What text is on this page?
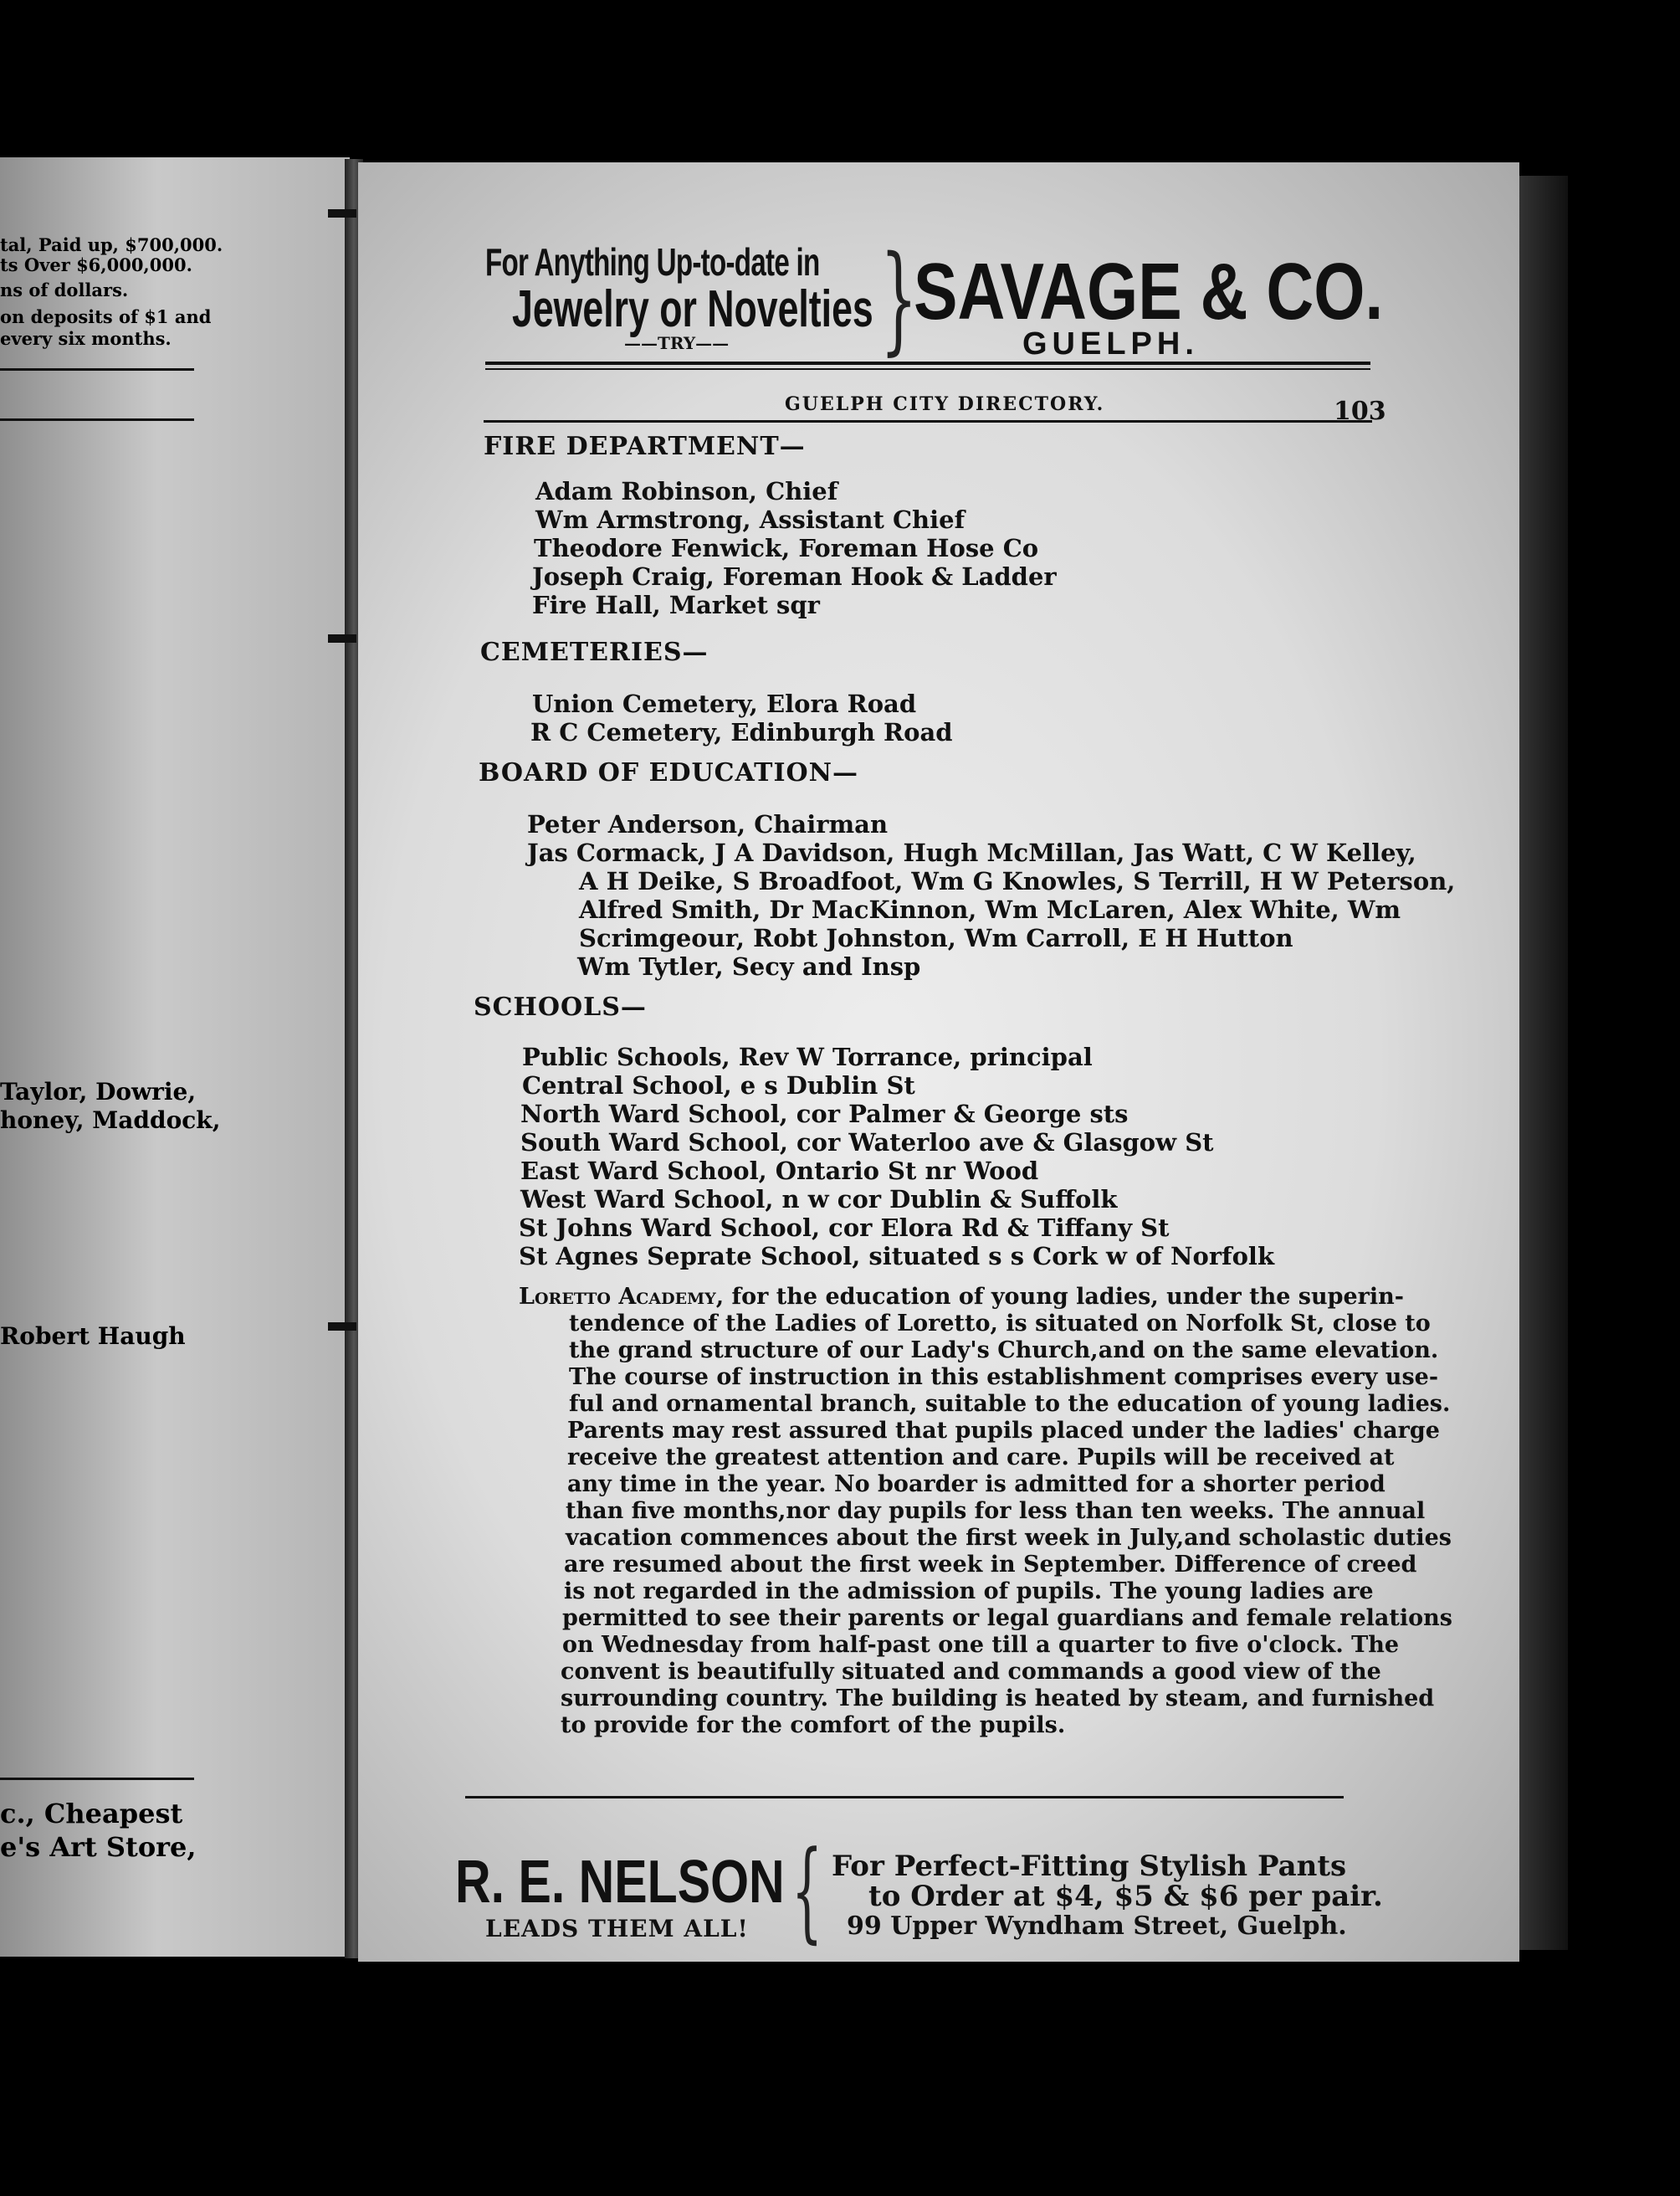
tal, Paid up, $700,000.
ts Over $6,000,000.
ns of dollars.
on deposits of $1 and
every six months.
Taylor, Dowrie,
honey, Maddock,
Robert Haugh
c., Cheapest
e's Art Store,
For Anything Up-to-date in
Jewelry or Novelties
——TRY—— }
SAVAGE & CO.
GUELPH.
GUELPH CITY DIRECTORY.	103
FIRE DEPARTMENT—
Adam Robinson, Chief
Wm Armstrong, Assistant Chief
Theodore Fenwick, Foreman Hose Co
Joseph Craig, Foreman Hook & Ladder
Fire Hall, Market sqr
CEMETERIES—
Union Cemetery, Elora Road
R C Cemetery, Edinburgh Road
BOARD OF EDUCATION—
Peter Anderson, Chairman
Jas Cormack, J A Davidson, Hugh McMillan, Jas Watt, C W Kelley,
A H Deike, S Broadfoot, Wm G Knowles, S Terrill, H W Peterson,
Alfred Smith, Dr MacKinnon, Wm McLaren, Alex White, Wm
Scrimgeour, Robt Johnston, Wm Carroll, E H Hutton
Wm Tytler, Secy and Insp
SCHOOLS—
Public Schools, Rev W Torrance, principal
Central School, e s Dublin St
North Ward School, cor Palmer & George sts
South Ward School, cor Waterloo ave & Glasgow St
East Ward School, Ontario St nr Wood
West Ward School, n w cor Dublin & Suffolk
St Johns Ward School, cor Elora Rd & Tiffany St
St Agnes Seprate School, situated s s Cork w of Norfolk
Loretto Academy, for the education of young ladies, under the superin-
tendence of the Ladies of Loretto, is situated on Norfolk St, close to
the grand structure of our Lady's Church,and on the same elevation.
The course of instruction in this establishment comprises every use-
ful and ornamental branch, suitable to the education of young ladies.
Parents may rest assured that pupils placed under the ladies' charge
receive the greatest attention and care. Pupils will be received at
any time in the year. No boarder is admitted for a shorter period
than five months,nor day pupils for less than ten weeks. The annual
vacation commences about the first week in July,and scholastic duties
are resumed about the first week in September. Difference of creed
is not regarded in the admission of pupils. The young ladies are
permitted to see their parents or legal guardians and female relations
on Wednesday from half-past one till a quarter to five o'clock. The
convent is beautifully situated and commands a good view of the
surrounding country. The building is heated by steam, and furnished
to provide for the comfort of the pupils.
R. E. NELSON
LEADS THEM ALL! { For Perfect-Fitting Stylish Pants
to Order at $4, $5 & $6 per pair.
99 Upper Wyndham Street, Guelph.
